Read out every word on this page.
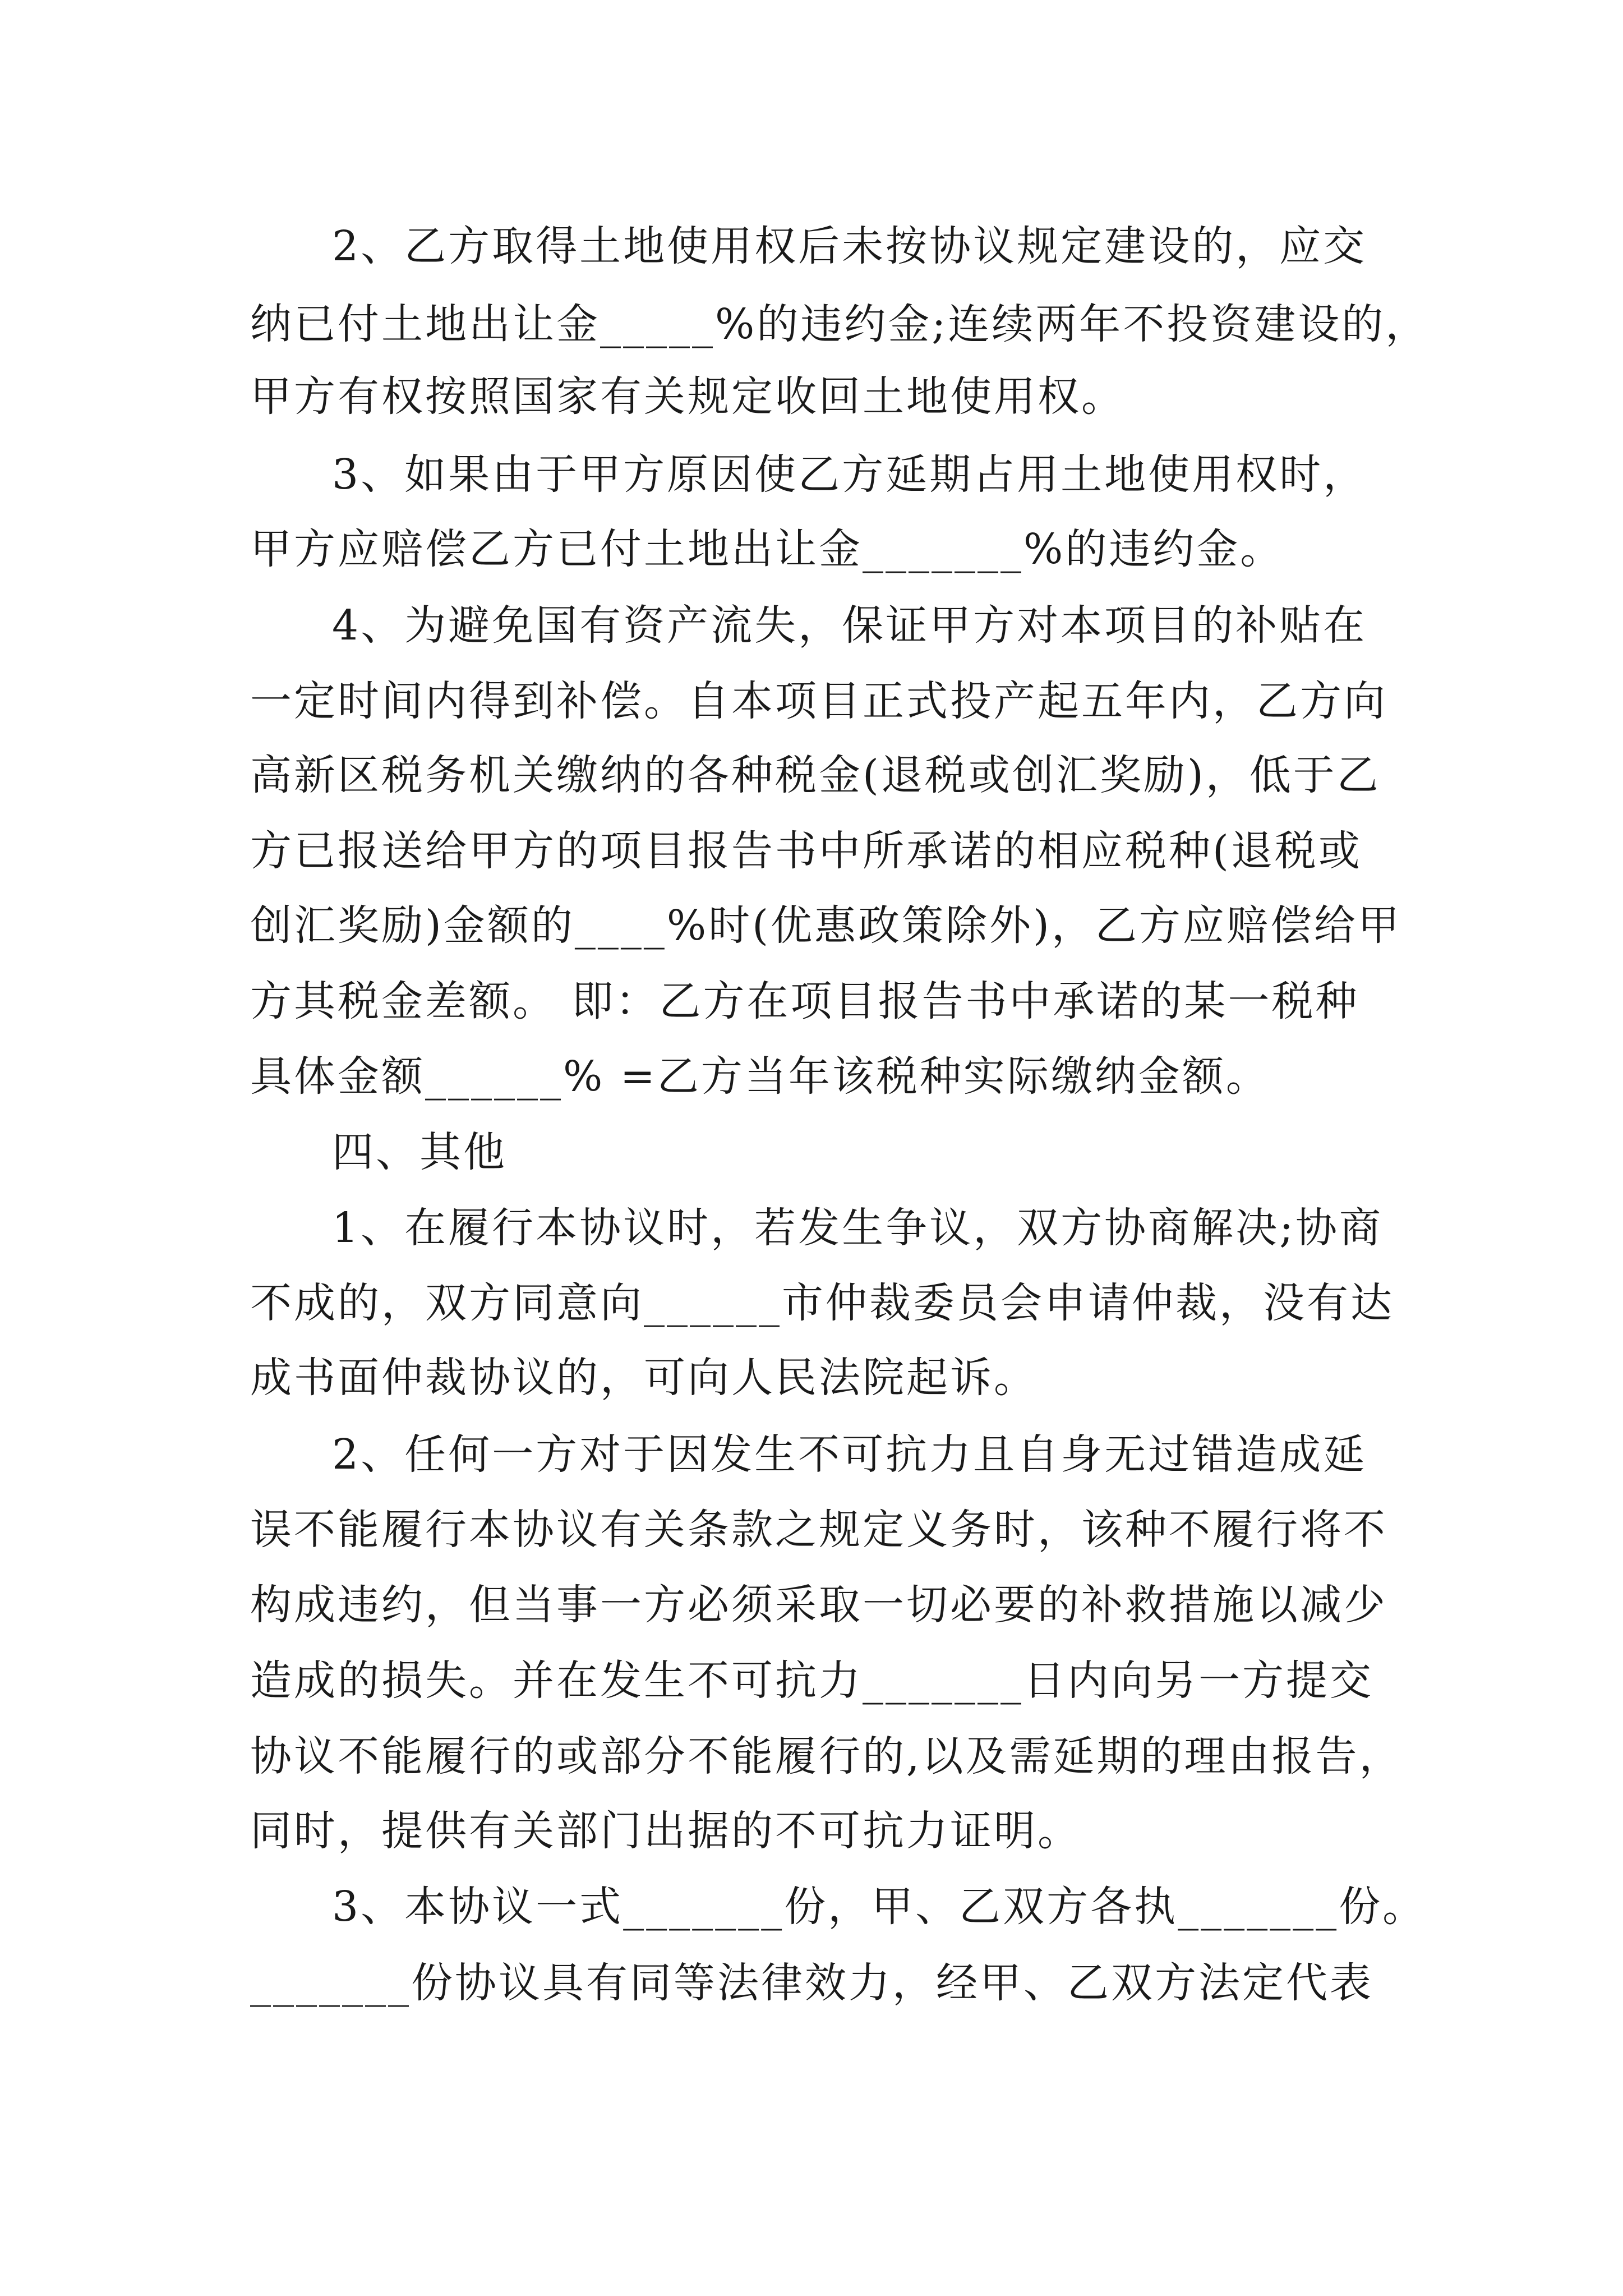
2、乙方取得土地使用权后未按协议规定建设的，应交
纳已付土地出让金_____%的违约金;连续两年不投资建设的，
甲方有权按照国家有关规定收回土地使用权。
3、如果由于甲方原因使乙方延期占用土地使用权时，
甲方应赔偿乙方已付土地出让金_______%的违约金。
4、为避免国有资产流失，保证甲方对本项目的补贴在
一定时间内得到补偿。自本项目正式投产起五年内，乙方向
高新区税务机关缴纳的各种税金(退税或创汇奖励)，低于乙
方已报送给甲方的项目报告书中所承诺的相应税种(退税或
创汇奖励)金额的____%时(优惠政策除外)，乙方应赔偿给甲
方其税金差额。 即：乙方在项目报告书中承诺的某一税种
具体金额______% =乙方当年该税种实际缴纳金额。
四、其他
1、在履行本协议时，若发生争议，双方协商解决;协商
不成的，双方同意向______市仲裁委员会申请仲裁，没有达
成书面仲裁协议的，可向人民法院起诉。
2、任何一方对于因发生不可抗力且自身无过错造成延
误不能履行本协议有关条款之规定义务时，该种不履行将不
构成违约，但当事一方必须采取一切必要的补救措施以减少
造成的损失。并在发生不可抗力_______日内向另一方提交
协议不能履行的或部分不能履行的,以及需延期的理由报告，
同时，提供有关部门出据的不可抗力证明。
3、本协议一式_______份，甲、乙双方各执_______份。
_______份协议具有同等法律效力，经甲、乙双方法定代表
